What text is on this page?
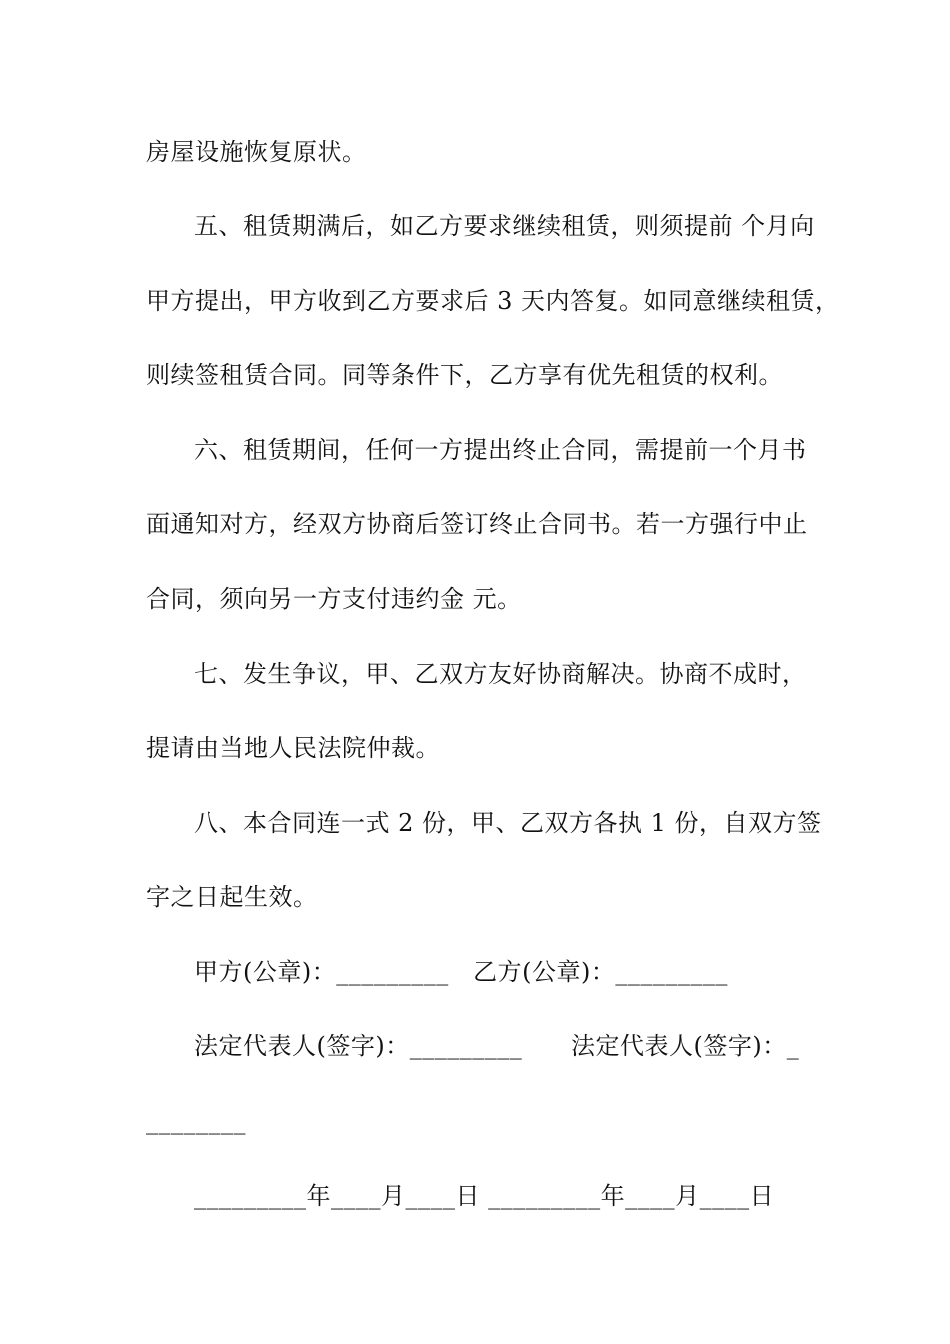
房屋设施恢复原状。
五、租赁期满后，如乙方要求继续租赁，则须提前 个月向
甲方提出，甲方收到乙方要求后 3 天内答复。如同意继续租赁，
则续签租赁合同。同等条件下，乙方享有优先租赁的权利。
六、租赁期间，任何一方提出终止合同，需提前一个月书
面通知对方，经双方协商后签订终止合同书。若一方强行中止
合同，须向另一方支付违约金 元。
七、发生争议，甲、乙双方友好协商解决。协商不成时，
提请由当地人民法院仲裁。
八、本合同连一式 2 份，甲、乙双方各执 1 份，自双方签
字之日起生效。
甲方(公章)：_________   乙方(公章)：_________
法定代表人(签字)：_________      法定代表人(签字)：_
________
_________年____月____日 _________年____月____日
